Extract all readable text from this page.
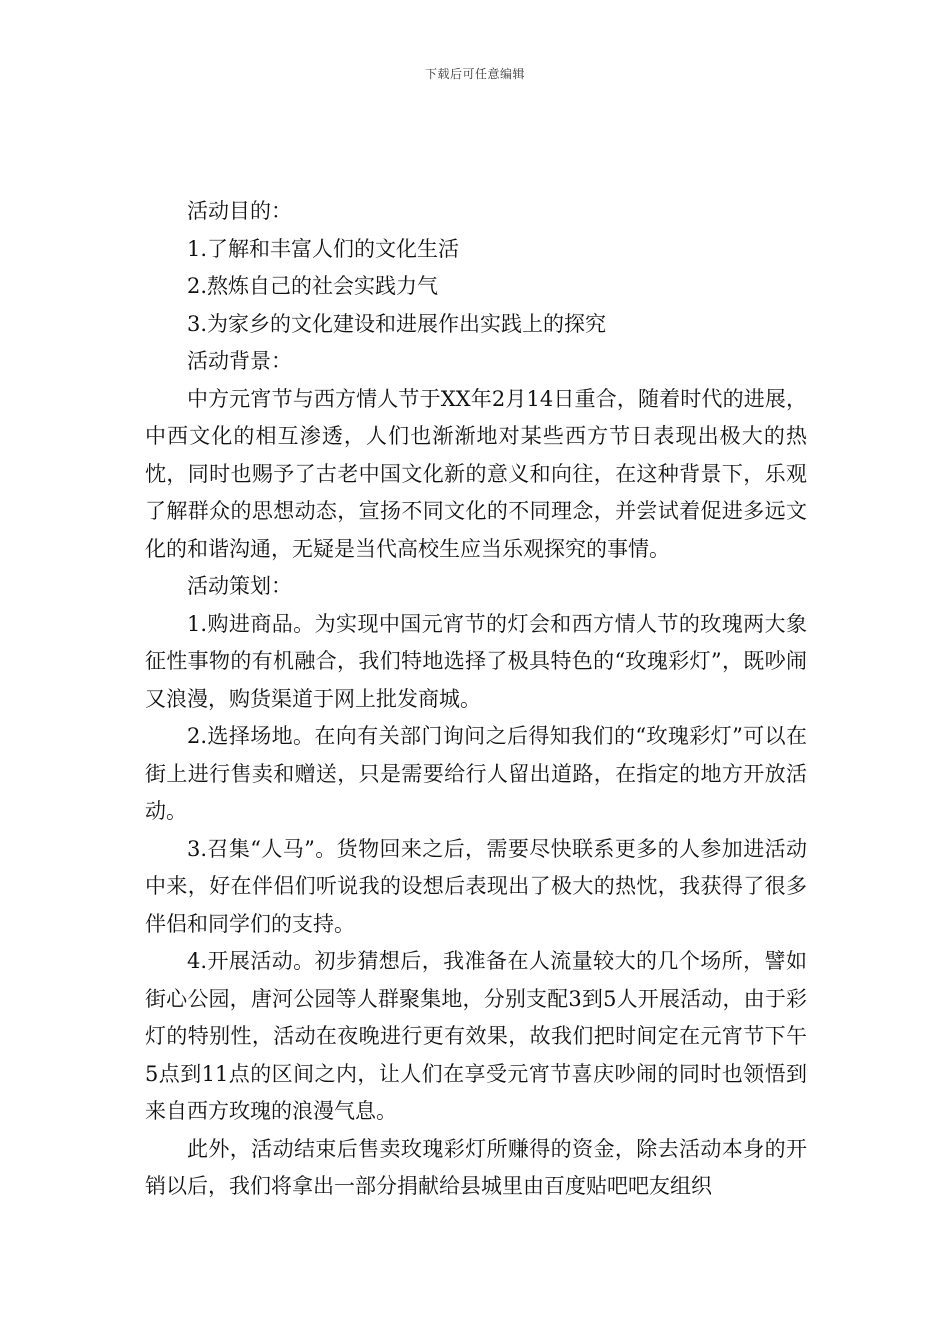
下载后可任意编辑

活动目的：

1.了解和丰富人们的文化生活

2.熬炼自己的社会实践力气

3.为家乡的文化建设和进展作出实践上的探究

活动背景：

中方元宵节与西方情人节于XX年2月14日重合，随着时代的进展，中西文化的相互渗透，人们也渐渐地对某些西方节日表现出极大的热忱，同时也赐予了古老中国文化新的意义和向往，在这种背景下，乐观了解群众的思想动态，宣扬不同文化的不同理念，并尝试着促进多远文化的和谐沟通，无疑是当代高校生应当乐观探究的事情。

活动策划：

1.购进商品。为实现中国元宵节的灯会和西方情人节的玫瑰两大象征性事物的有机融合，我们特地选择了极具特色的“玫瑰彩灯”，既吵闹又浪漫，购货渠道于网上批发商城。

2.选择场地。在向有关部门询问之后得知我们的“玫瑰彩灯”可以在街上进行售卖和赠送，只是需要给行人留出道路，在指定的地方开放活动。

3.召集“人马”。货物回来之后，需要尽快联系更多的人参加进活动中来，好在伴侣们听说我的设想后表现出了极大的热忱，我获得了很多伴侣和同学们的支持。

4.开展活动。初步猜想后，我准备在人流量较大的几个场所，譬如街心公园，唐河公园等人群聚集地，分别支配3到5人开展活动，由于彩灯的特别性，活动在夜晚进行更有效果，故我们把时间定在元宵节下午5点到11点的区间之内，让人们在享受元宵节喜庆吵闹的同时也领悟到来自西方玫瑰的浪漫气息。

此外，活动结束后售卖玫瑰彩灯所赚得的资金，除去活动本身的开销以后，我们将拿出一部分捐献给县城里由百度贴吧吧友组织
